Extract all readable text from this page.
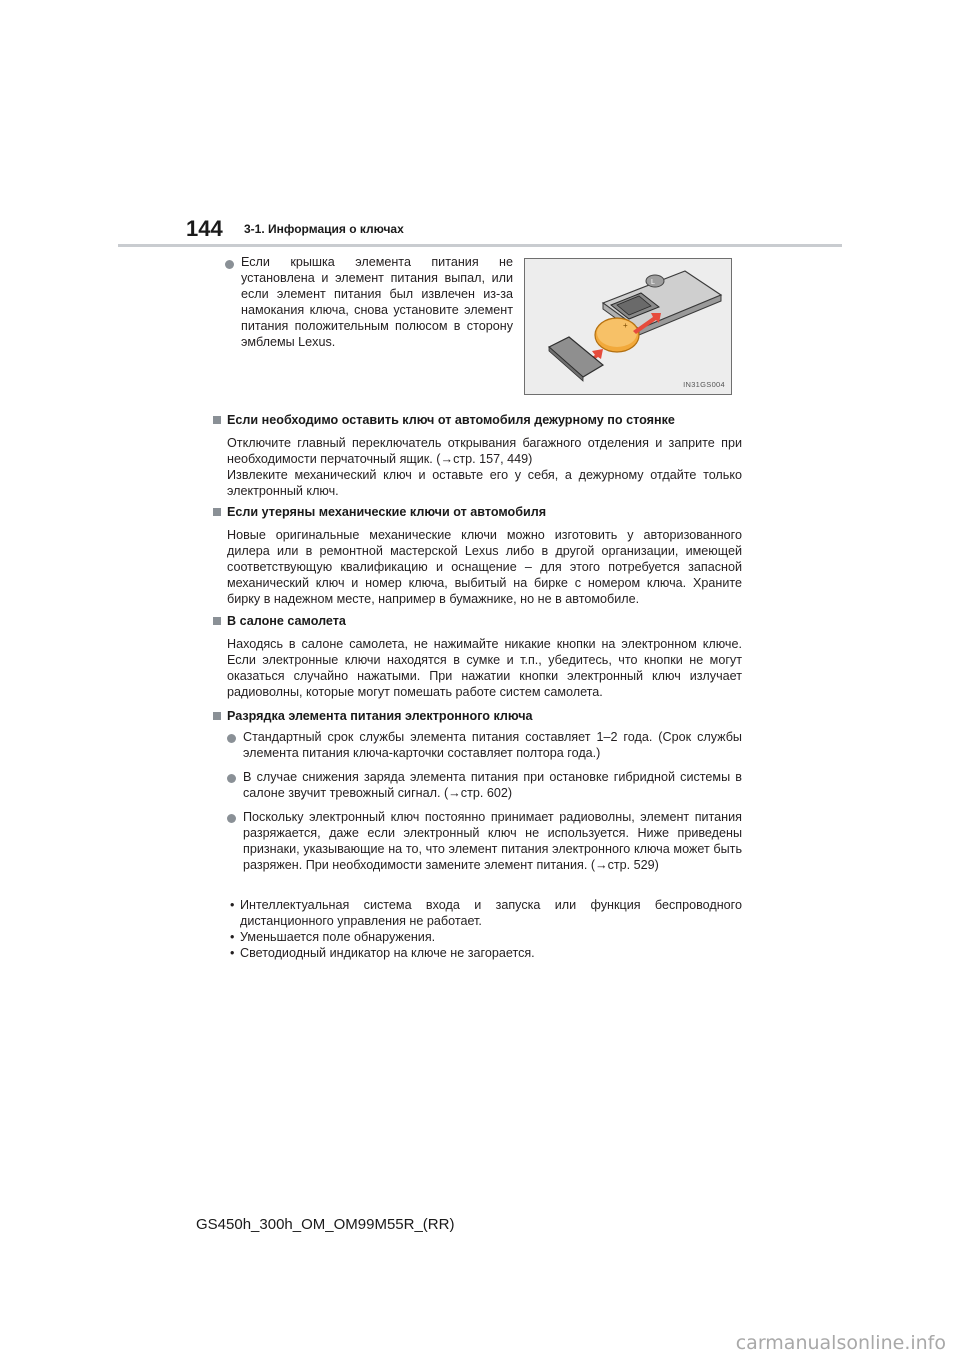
144 3-1. Информация о ключах
Если крышка элемента питания не установлена и элемент питания выпал, или если элемент питания был извлечен из-за намокания ключа, снова установите элемент питания положительным полюсом в сторону эмблемы Lexus.
L
+
IN31GS004
Если необходимо оставить ключ от автомобиля дежурному по стоянке
Отключите главный переключатель открывания багажного отделения и заприте при необходимости перчаточный ящик. (→стр. 157, 449)
Извлеките механический ключ и оставьте его у себя, а дежурному отдайте только электронный ключ.
Если утеряны механические ключи от автомобиля
Новые оригинальные механические ключи можно изготовить у авторизованного дилера или в ремонтной мастерской Lexus либо в другой организации, имеющей соответствующую квалификацию и оснащение – для этого потребуется запасной механический ключ и номер ключа, выбитый на бирке с номером ключа. Храните бирку в надежном месте, например в бумажнике, но не в автомобиле.
В салоне самолета
Находясь в салоне самолета, не нажимайте никакие кнопки на электронном ключе. Если электронные ключи находятся в сумке и т.п., убедитесь, что кнопки не могут оказаться случайно нажатыми. При нажатии кнопки электронный ключ излучает радиоволны, которые могут помешать работе систем самолета.
Разрядка элемента питания электронного ключа
Стандартный срок службы элемента питания составляет 1–2 года. (Срок службы элемента питания ключа-карточки составляет полтора года.)
В случае снижения заряда элемента питания при остановке гибридной системы в салоне звучит тревожный сигнал. (→стр. 602)
Поскольку электронный ключ постоянно принимает радиоволны, элемент питания разряжается, даже если электронный ключ не используется. Ниже приведены признаки, указывающие на то, что элемент питания электронного ключа может быть разряжен. При необходимости замените элемент питания. (→стр. 529)
• Интеллектуальная система входа и запуска или функция беспроводного дистанционного управления не работает.
• Уменьшается поле обнаружения.
• Светодиодный индикатор на ключе не загорается.
GS450h_300h_OM_OM99M55R_(RR)
carmanualsonline.info
